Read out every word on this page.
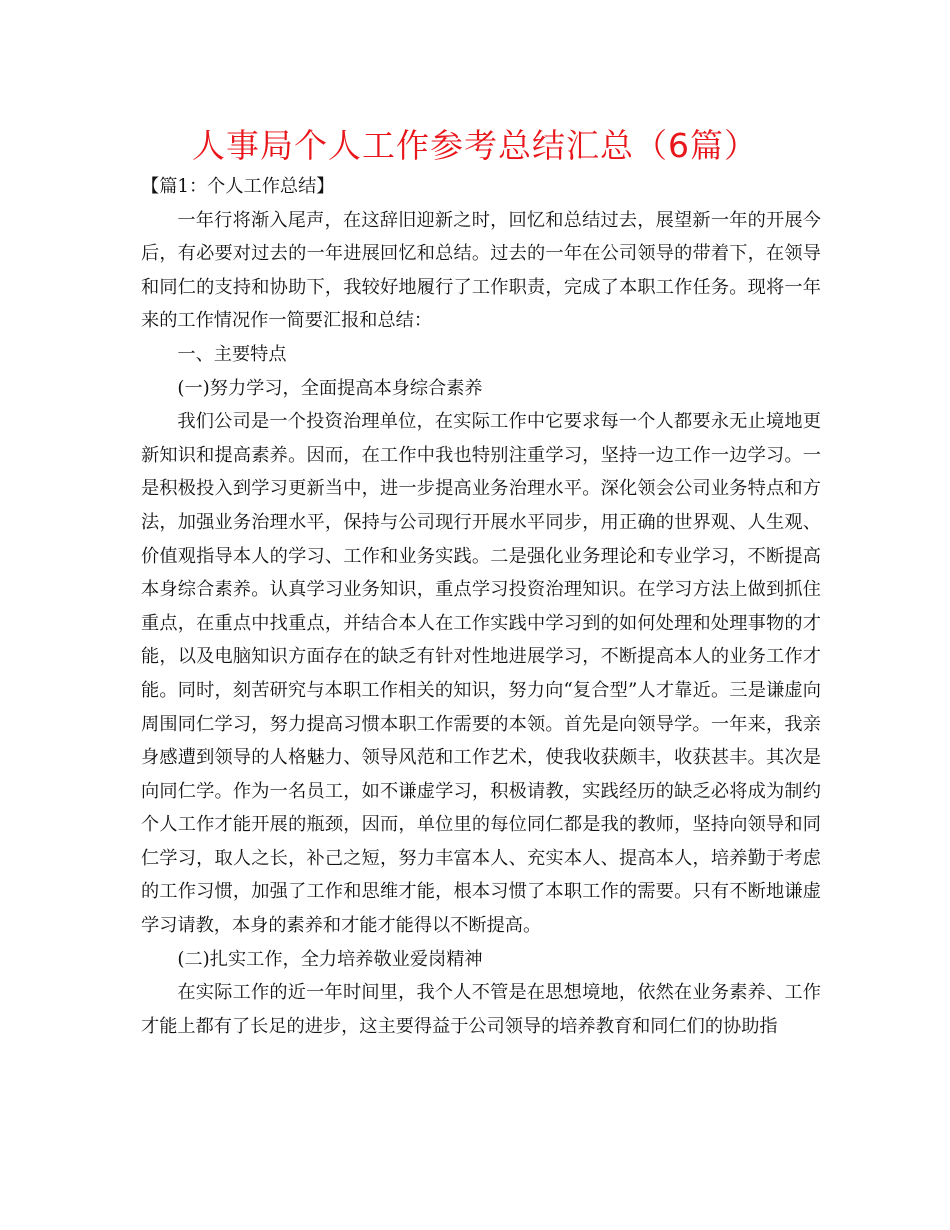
人事局个人工作参考总结汇总（6篇）

【篇1：个人工作总结】

一年行将渐入尾声，在这辞旧迎新之时，回忆和总结过去，展望新一年的开展今后，有必要对过去的一年进展回忆和总结。过去的一年在公司领导的带着下，在领导和同仁的支持和协助下，我较好地履行了工作职责，完成了本职工作任务。现将一年来的工作情况作一简要汇报和总结：

一、主要特点

(一)努力学习，全面提高本身综合素养

我们公司是一个投资治理单位，在实际工作中它要求每一个人都要永无止境地更新知识和提高素养。因而，在工作中我也特别注重学习，坚持一边工作一边学习。一是积极投入到学习更新当中，进一步提高业务治理水平。深化领会公司业务特点和方法，加强业务治理水平，保持与公司现行开展水平同步，用正确的世界观、人生观、价值观指导本人的学习、工作和业务实践。二是强化业务理论和专业学习，不断提高本身综合素养。认真学习业务知识，重点学习投资治理知识。在学习方法上做到抓住重点，在重点中找重点，并结合本人在工作实践中学习到的如何处理和处理事物的才能，以及电脑知识方面存在的缺乏有针对性地进展学习，不断提高本人的业务工作才能。同时，刻苦研究与本职工作相关的知识，努力向“复合型”人才靠近。三是谦虚向周围同仁学习，努力提高习惯本职工作需要的本领。首先是向领导学。一年来，我亲身感遭到领导的人格魅力、领导风范和工作艺术，使我收获颇丰，收获甚丰。其次是向同仁学。作为一名员工，如不谦虚学习，积极请教，实践经历的缺乏必将成为制约个人工作才能开展的瓶颈，因而，单位里的每位同仁都是我的教师，坚持向领导和同仁学习，取人之长，补己之短，努力丰富本人、充实本人、提高本人，培养勤于考虑的工作习惯，加强了工作和思维才能，根本习惯了本职工作的需要。只有不断地谦虚学习请教，本身的素养和才能才能得以不断提高。

(二)扎实工作，全力培养敬业爱岗精神

在实际工作的近一年时间里，我个人不管是在思想境地，依然在业务素养、工作才能上都有了长足的进步，这主要得益于公司领导的培养教育和同仁们的协助指
